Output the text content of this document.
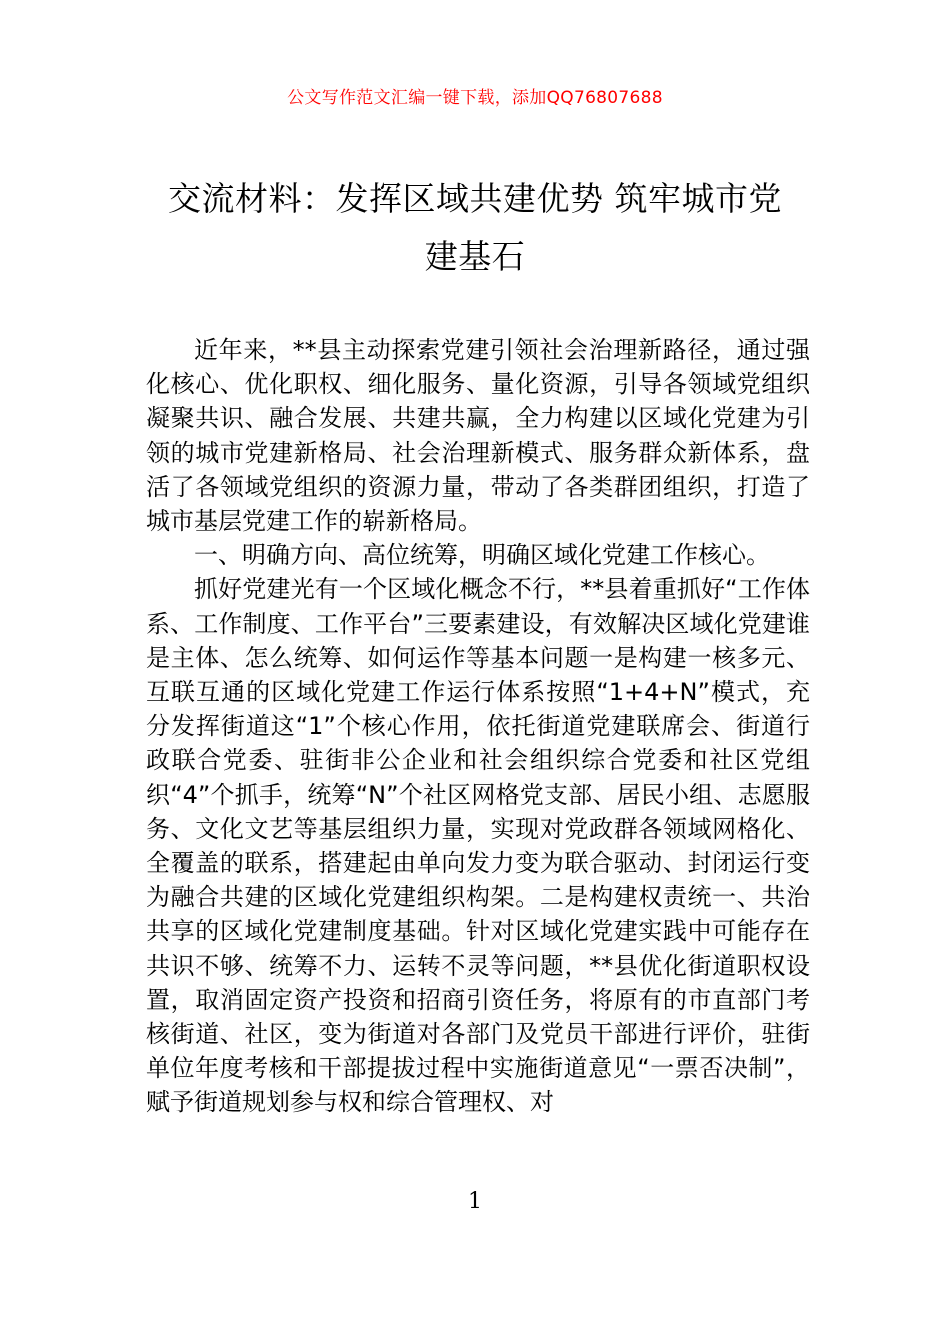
公文写作范文汇编一键下载，添加QQ76807688
交流材料：发挥区域共建优势 筑牢城市党
建基石

近年来，**县主动探索党建引领社会治理新路径，通过强化核心、优化职权、细化服务、量化资源，引导各领域党组织凝聚共识、融合发展、共建共赢，全力构建以区域化党建为引领的城市党建新格局、社会治理新模式、服务群众新体系，盘活了各领域党组织的资源力量，带动了各类群团组织，打造了城市基层党建工作的崭新格局。

一、明确方向、高位统筹，明确区域化党建工作核心。

抓好党建光有一个区域化概念不行，**县着重抓好“工作体系、工作制度、工作平台”三要素建设，有效解决区域化党建谁是主体、怎么统筹、如何运作等基本问题一是构建一核多元、互联互通的区域化党建工作运行体系按照“1+4+N”模式，充分发挥街道这“1”个核心作用，依托街道党建联席会、街道行政联合党委、驻街非公企业和社会组织综合党委和社区党组织“4”个抓手，统筹“N”个社区网格党支部、居民小组、志愿服务、文化文艺等基层组织力量，实现对党政群各领域网格化、全覆盖的联系，搭建起由单向发力变为联合驱动、封闭运行变为融合共建的区域化党建组织构架。二是构建权责统一、共治共享的区域化党建制度基础。针对区域化党建实践中可能存在共识不够、统筹不力、运转不灵等问题，**县优化街道职权设置，取消固定资产投资和招商引资任务，将原有的市直部门考核街道、社区，变为街道对各部门及党员干部进行评价，驻街单位年度考核和干部提拔过程中实施街道意见“一票否决制”，赋予街道规划参与权和综合管理权、对

1
